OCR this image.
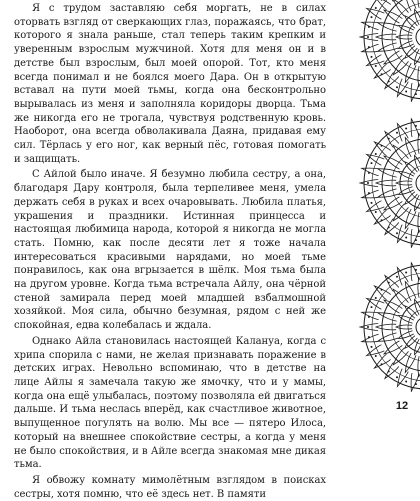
Я с трудом заставляю себя моргать, не в силах оторвать взгляд от сверкающих глаз, поражаясь, что брат, которого я знала раньше, стал теперь таким крепким и уверенным взрослым мужчиной. Хотя для меня он и в детстве был взрослым, был моей опорой. Тот, кто меня всегда понимал и не боялся моего Дара. Он в открытую вставал на пути моей тьмы, когда она бесконтрольно вырывалась из меня и заполняла коридоры дворца. Тьма же никогда его не трогала, чувствуя родственную кровь. Наоборот, она всегда обволакивала Даяна, придавая ему сил. Тёрлась у его ног, как верный пёс, готовая помогать и защищать.

С Айлой было иначе. Я безумно любила сестру, а она, благодаря Дару контроля, была терпеливее меня, умела держать себя в руках и всех очаровывать. Любила платья, украшения и праздники. Истинная принцесса и настоящая любимица народа, которой я никогда не могла стать. Помню, как после десяти лет я тоже начала интересоваться красивыми нарядами, но моей тьме понравилось, как она вгрызается в шёлк. Моя тьма была на другом уровне. Когда тьма встречала Айлу, она чёрной стеной замирала перед моей младшей взбалмошной хозяйкой. Моя сила, обычно безумная, рядом с ней же спокойная, едва колебалась и ждала.

Однако Айла становилась настоящей Калануа, когда с хрипа спорила с нами, не желая признавать поражение в детских играх. Невольно вспоминаю, что в детстве на лице Айлы я замечала такую же ямочку, что и у мамы, когда она ещё улыбалась, поэтому позволяла ей двигаться дальше. И тьма неслась вперёд, как счастливое животное, выпущенное погулять на волю. Мы все — пятеро Илоса, который на внешнее спокойствие сестры, а когда у меня не было спокойствия, и в Айле всегда знакомая мне дикая тьма.

Я обвожу комнату мимолётным взглядом в поисках сестры, хотя помню, что её здесь нет. В памяти

12
